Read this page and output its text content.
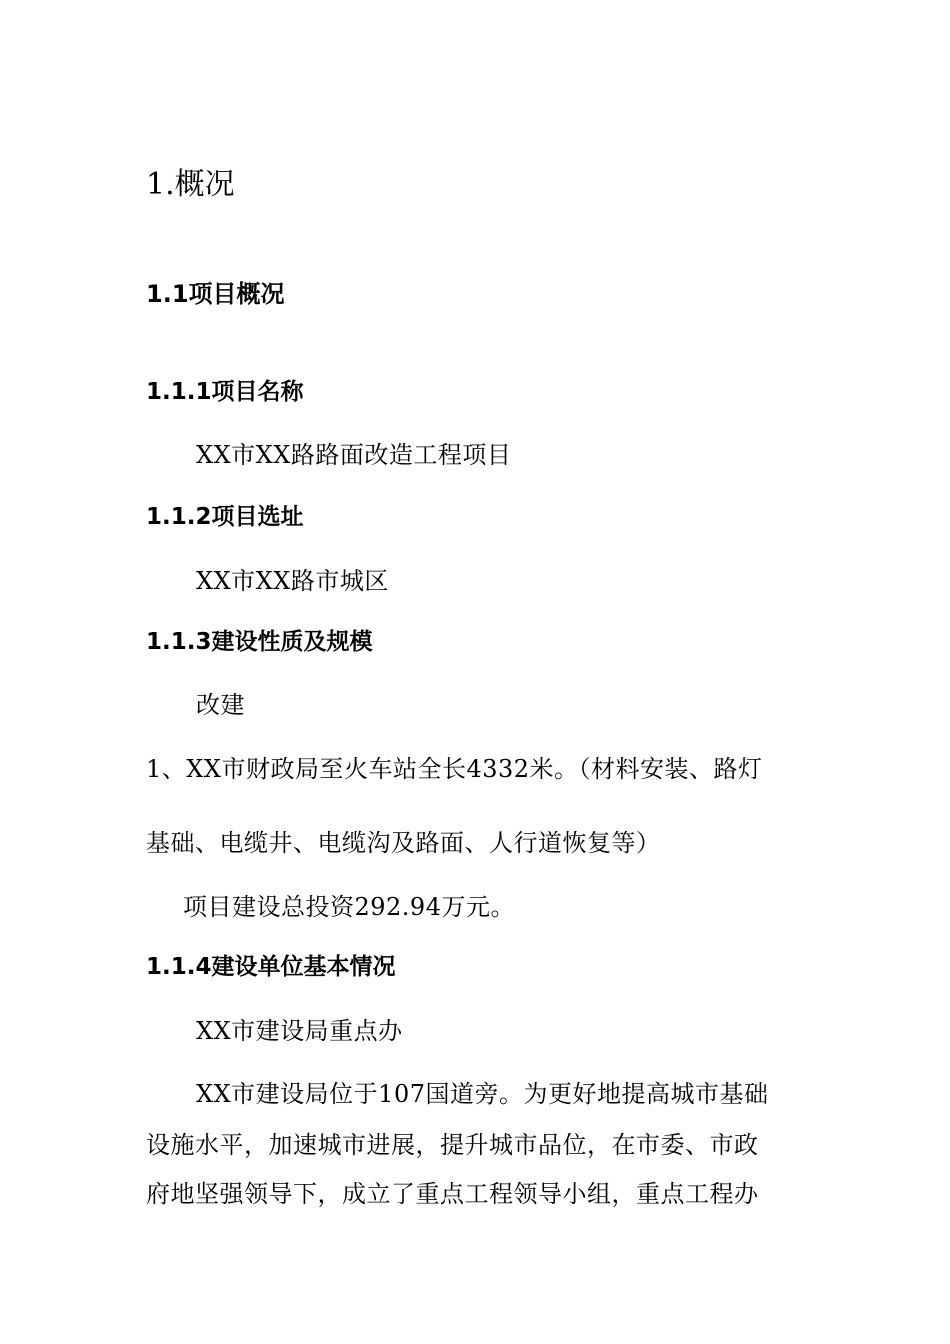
1.概况
1.1项目概况
1.1.1项目名称
XX市XX路路面改造工程项目
1.1.2项目选址
XX市XX路市城区
1.1.3建设性质及规模
改建
1、XX市财政局至火车站全长4332米。（材料安装、路灯
基础、电缆井、电缆沟及路面、人行道恢复等）
项目建设总投资292.94万元。
1.1.4建设单位基本情况
XX市建设局重点办
XX市建设局位于107国道旁。为更好地提高城市基础
设施水平，加速城市进展，提升城市品位，在市委、市政
府地坚强领导下，成立了重点工程领导小组，重点工程办
